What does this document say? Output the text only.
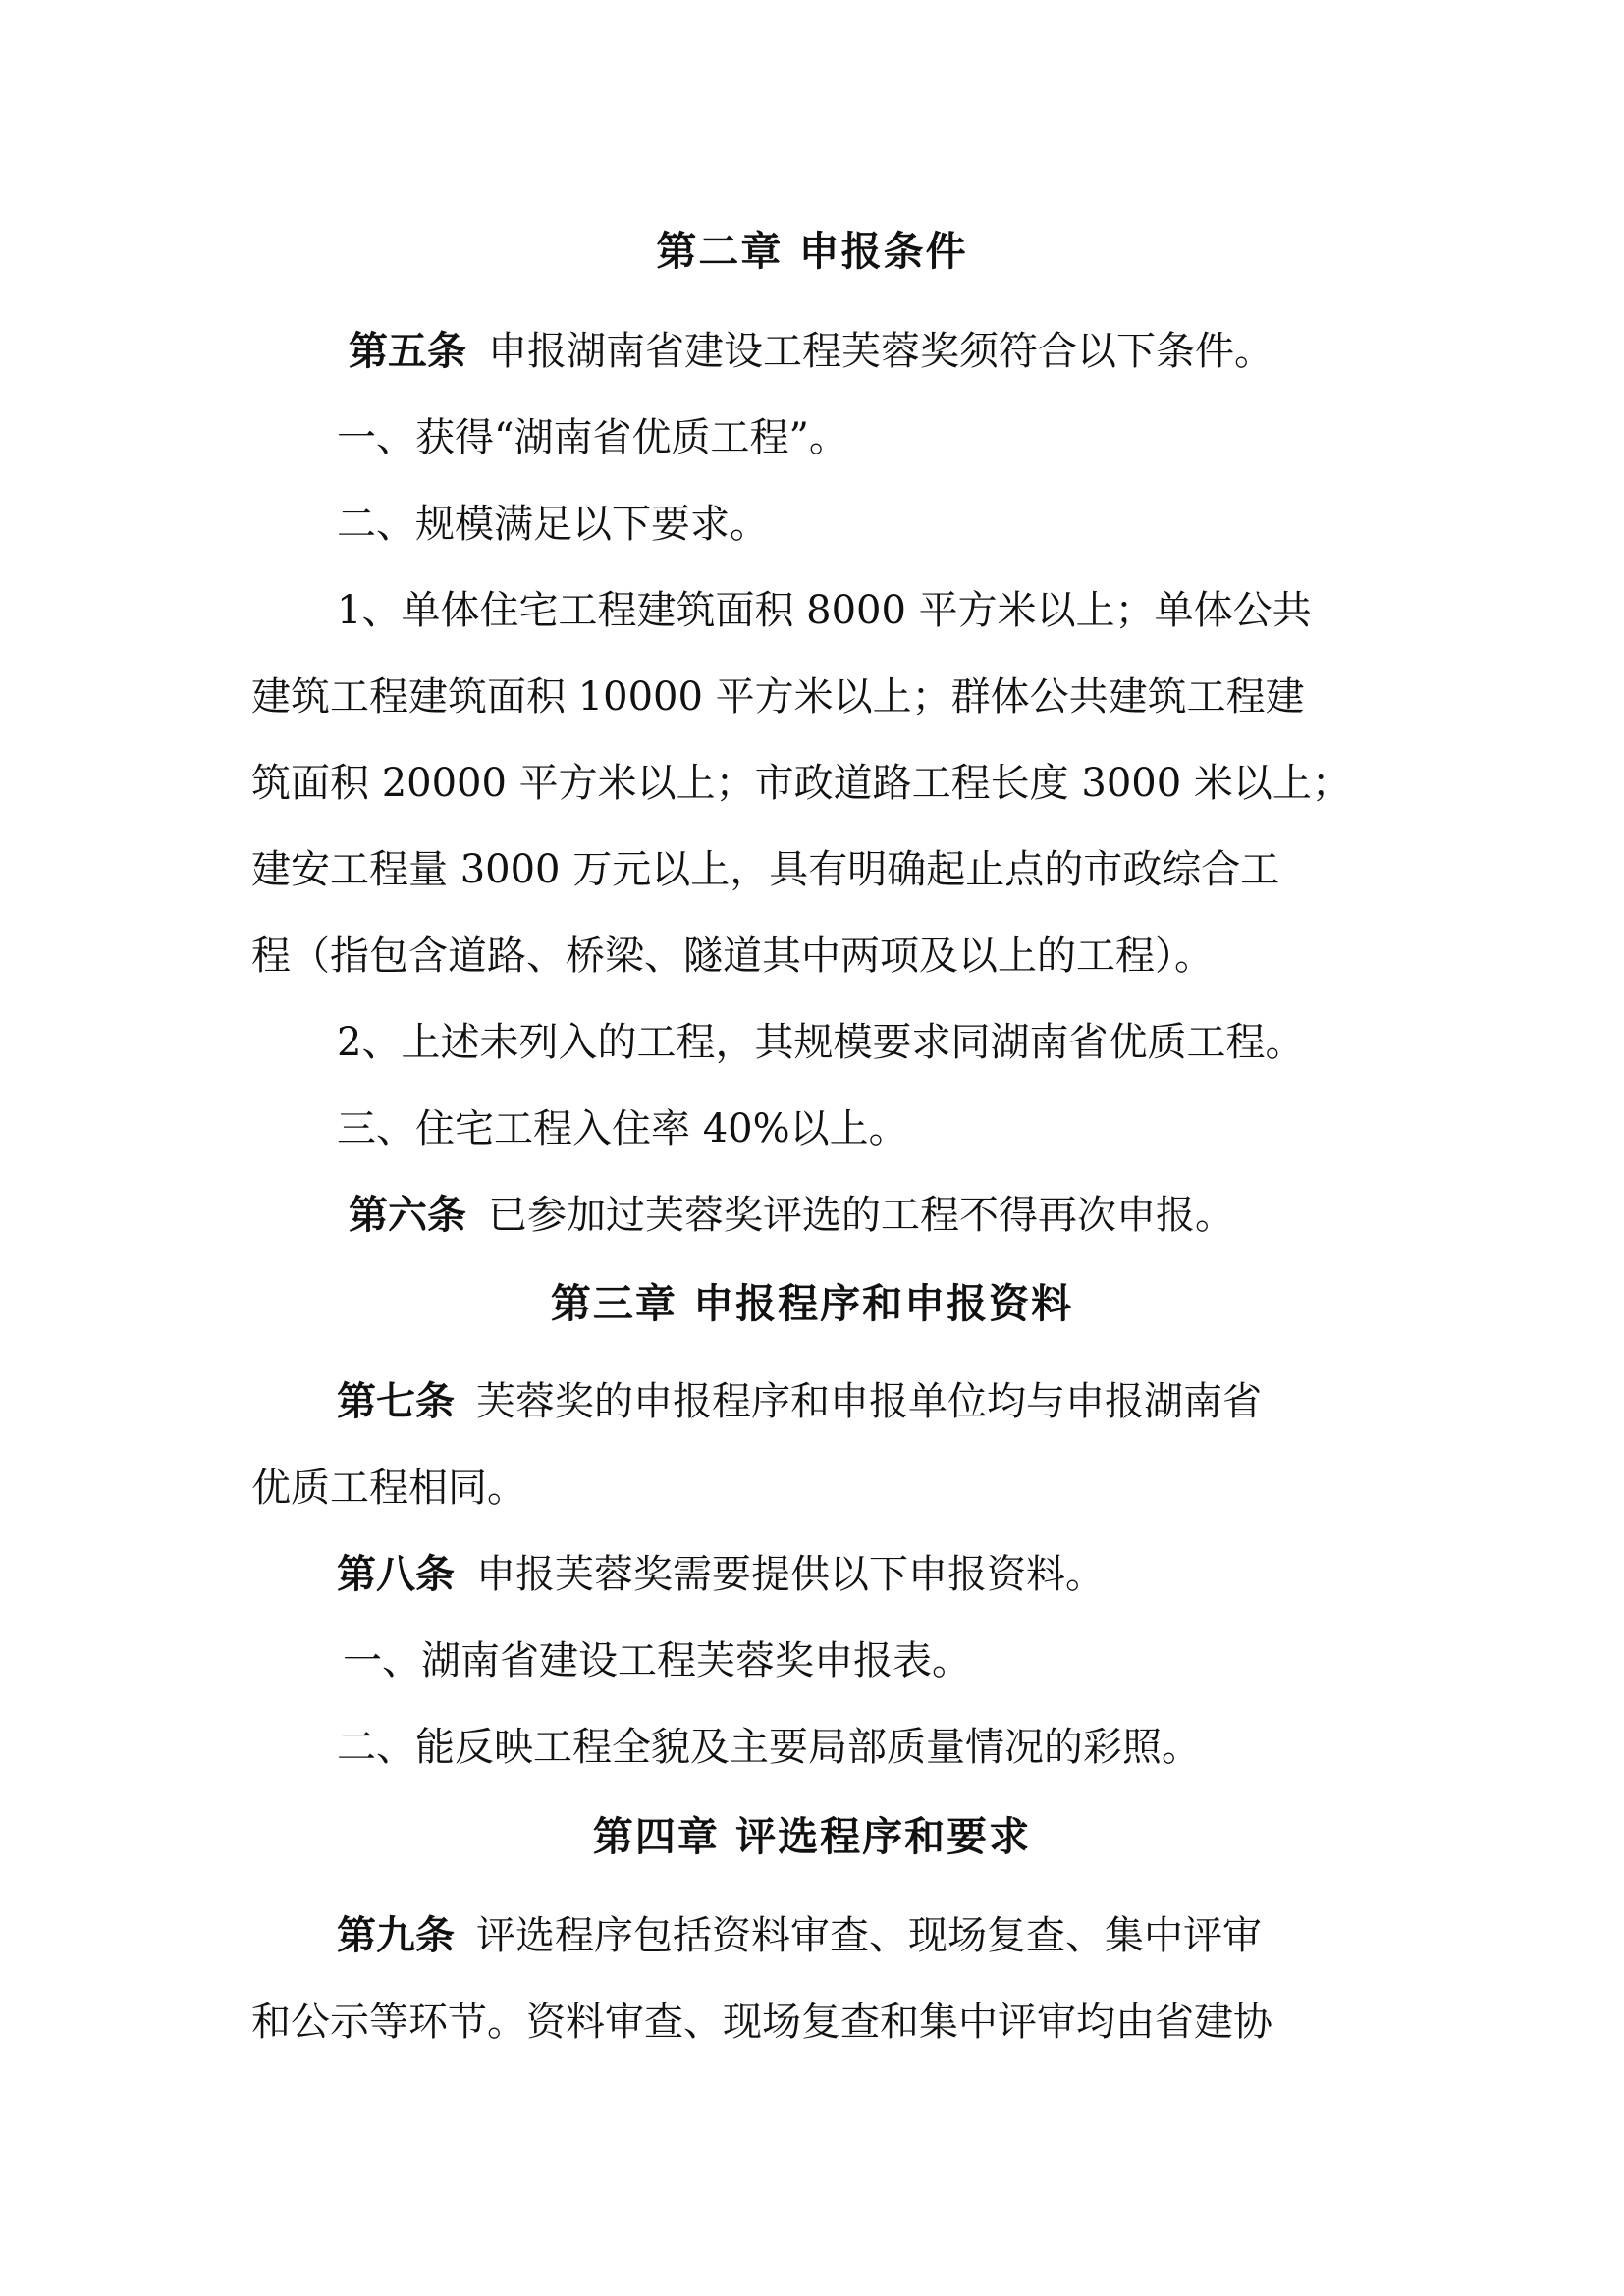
第二章 申报条件
第五条 申报湖南省建设工程芙蓉奖须符合以下条件。
一、获得“湖南省优质工程”。
二、规模满足以下要求。
1、单体住宅工程建筑面积 8000 平方米以上；单体公共
建筑工程建筑面积 10000 平方米以上；群体公共建筑工程建
筑面积 20000 平方米以上；市政道路工程长度 3000 米以上；
建安工程量 3000 万元以上，具有明确起止点的市政综合工
程（指包含道路、桥梁、隧道其中两项及以上的工程）。
2、上述未列入的工程，其规模要求同湖南省优质工程。
三、住宅工程入住率 40%以上。
第六条 已参加过芙蓉奖评选的工程不得再次申报。
第三章 申报程序和申报资料
第七条 芙蓉奖的申报程序和申报单位均与申报湖南省
优质工程相同。
第八条 申报芙蓉奖需要提供以下申报资料。
一、湖南省建设工程芙蓉奖申报表。
二、能反映工程全貌及主要局部质量情况的彩照。
第四章 评选程序和要求
第九条 评选程序包括资料审查、现场复查、集中评审
和公示等环节。资料审查、现场复查和集中评审均由省建协
